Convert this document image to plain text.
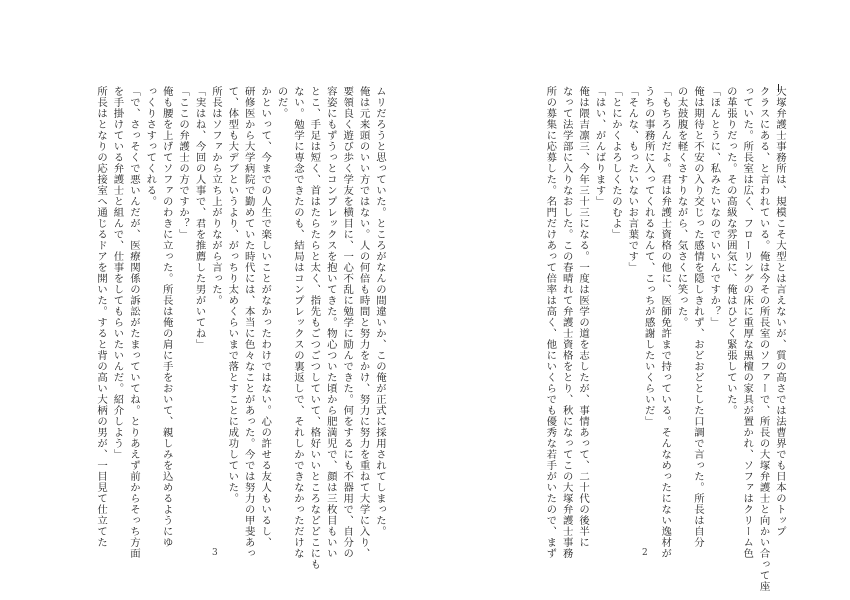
大塚弁護士事務所は、規模こそ大型とは言えないが、質の高さでは法曹界でも日本のトップ

クラスにある、と言われている。俺は今その所長室のソファーで、所長の大塚弁護士と向かい合って座

っていた。所長室は広く、フローリングの床に重厚な黒檀の家具が置かれ、ソファはクリーム色

の革張りだった。その高級な雰囲気に、俺はひどく緊張していた。

「ほんとうに、私みたいなのでいいんですか？」

俺は期待と不安の入り交じった感情を隠しきれず、おどおどとした口調で言った。所長は自分

の太鼓腹を軽くさすりながら、気さくに笑った。

「もちろんだよ。君は弁護士資格の他に、医師免許まで持っている。そんなめったにない逸材が

うちの事務所に入ってくれるなんて、こっちが感謝したいくらいだ」

「そんな、もったいないお言葉です」

「とにかくよろしくたのむよ」

「はい、がんばります」

俺は隈吉凛三、今年三十三になる。一度は医学の道を志したが、事情あって、二十代の後半に

なって法学部に入りなおした。この春晴れて弁護士資格をとり、秋になってこの大塚弁護士事務

所の募集に応募した。名門だけあって倍率は高く、他にいくらでも優秀な若手がいたので、まず

ムリだろうと思っていた。ところがなんの間違いか、この俺が正式に採用されてしまった。

俺は元来頭のいい方ではない。人の何倍も時間と努力をかけ、努力に努力を重ねて大学に入り、

要領良く遊び歩く学友を横目に、一心不乱に勉学に励んできた。何をするにも不器用で、自分の

容姿にもずうっとコンプレックスを抱いてきた。物心ついた頃から肥満児で、顔は三枚目もいい

とこ、手足は短く、首はたらたらと太く、指先もごつごつしていて、格好いいところなどどこにも

ない。勉学に専念できたのも、結局はコンプレックスの裏返しで、それしかできなかっただけな

のだ。

かといって、今までの人生で楽しいことがなかったわけではない。心の許せる友人もいるし、

研修医から大学病院で勤めていた時代には、本当に色々なことがあった。今では努力の甲斐あっ

て、体型も大デブというより、がっちり太めくらいまで落とすことに成功していた。

所長はソファから立ち上がりながら言った。

「実はね、今回の人事で、君を推薦した男がいてね」

「ここの弁護士の方ですか？」

俺も腰を上げてソファのわきに立った。所長は俺の肩に手をおいて、親しみを込めるようにゆ

っくりさすってくれる。

「で、さっそくで悪いんだが、医療関係の訴訟がたまっていてね。とりあえず前からそっち方面

を手掛けている弁護士と組んで、仕事をしてもらいたいんだ。紹介しよう」

所長はとなりの応接室へ通じるドアを開いた。すると背の高い大柄の男が、一目見て仕立てた

2
3
